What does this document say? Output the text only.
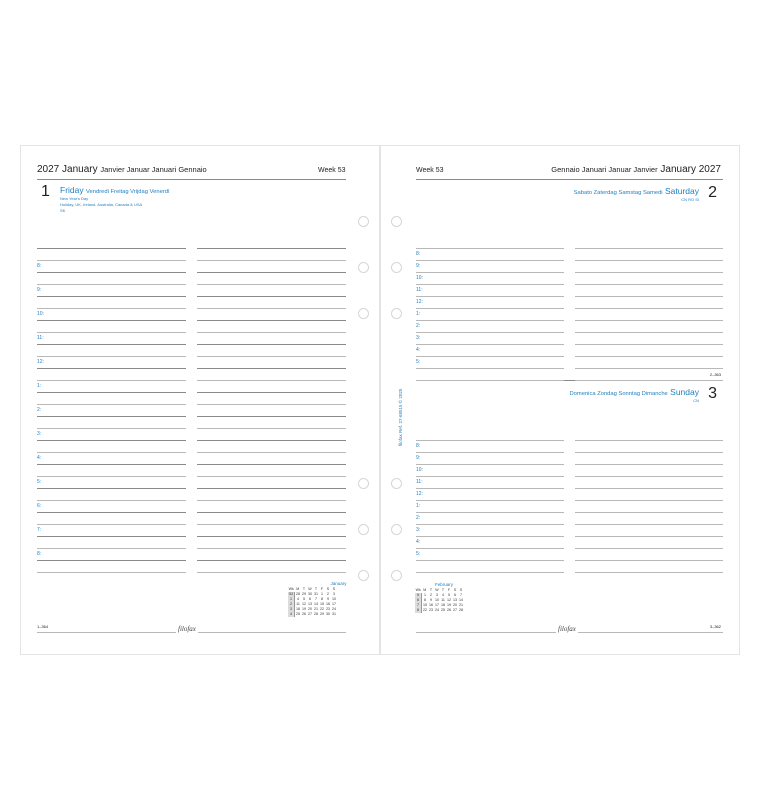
2027 January Janvier Januar Januari Gennaio	Week 53
1 Friday Vendredi Freitag Vrijdag Venerdì
New Year's Day
Holiday, UK, Ireland, Australia, Canada & USA
SK
8:
9:
10:
11:
12:
1:
2:
3:
4:
5:
6:
7:
8:
January
Wk	M	T	W	T	F	S	S
53	28	29	30	31	1	2	3
1	4	5	6	7	8	9	10
2	11	12	13	14	15	16	17
3	18	19	20	21	22	23	24
4	25	26	27	28	29	30	31
1–364	filofax
Week 53	Gennaio Januari Januar Janvier January 2027
Sabato Zaterdag Samstag Samedi Saturday 2
CN RO SI
2–363
Domenica Zondag Sonntag Dimanche Sunday 3
CN
8:
9:
10:
11:
12:
1:
2:
3:
4:
5:
8:
9:
10:
11:
12:
1:
2:
3:
4:
5:
February
Wk	M	T	W	T	F	S	S
5	1	2	3	4	5	6	7
6	8	9	10	11	12	13	14
7	15	16	17	18	19	20	21
8	22	23	24	25	26	27	28
3–362
filofax
filofax Ref. 27-68515 © 2025
